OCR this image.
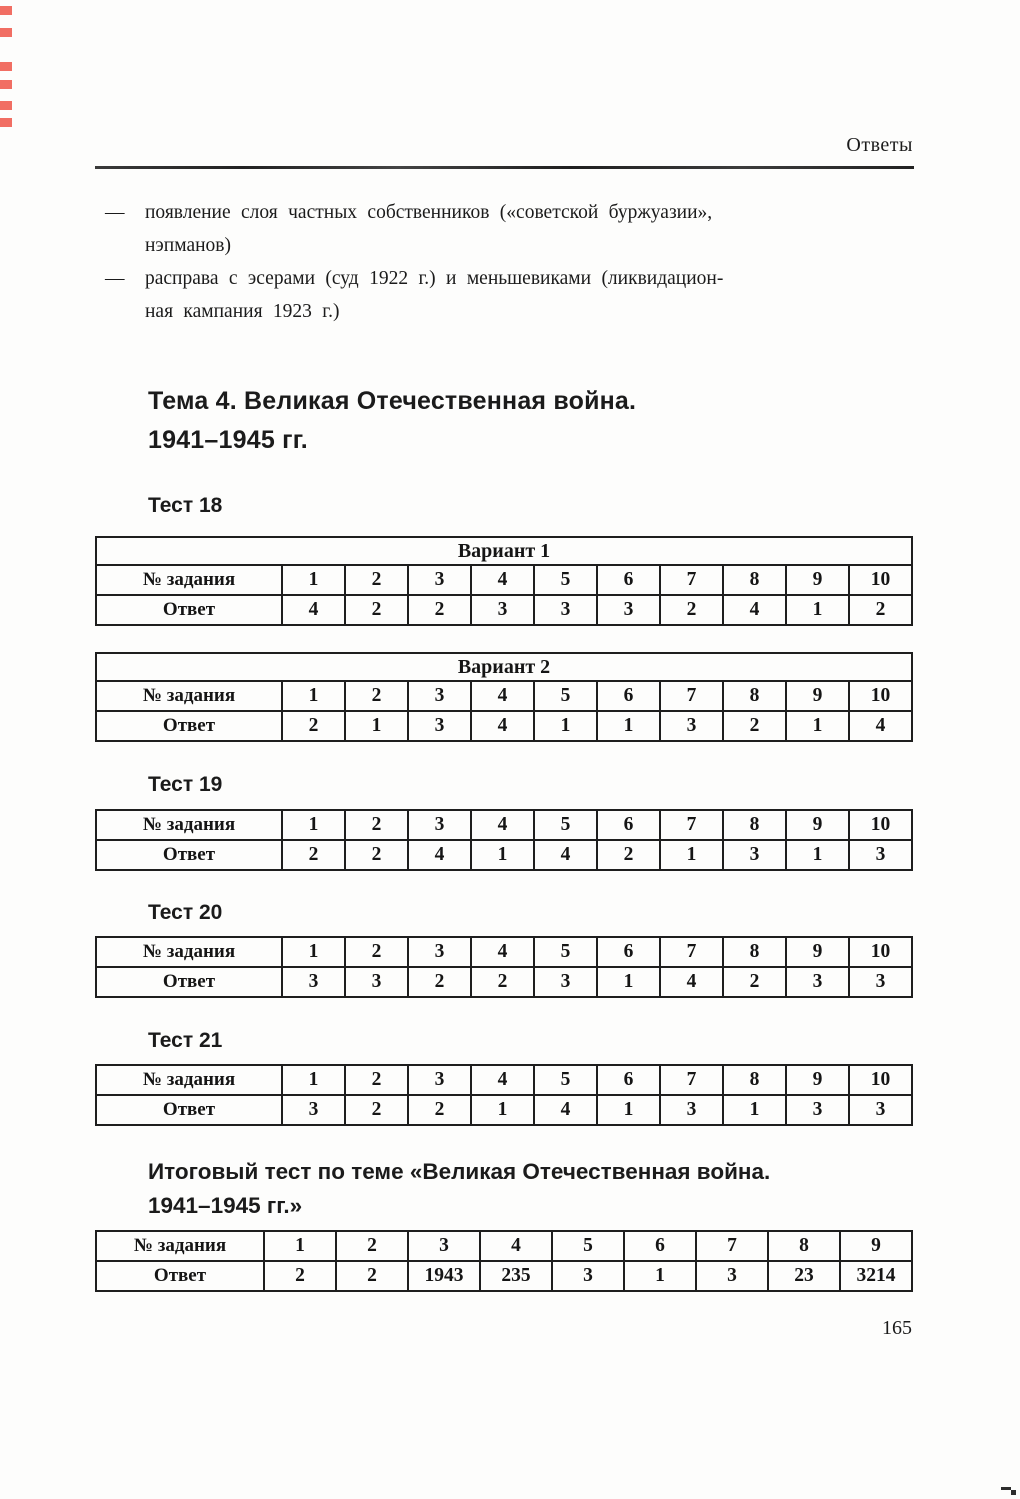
Ответы
—	появление слоя частных собственников («советской буржуазии»,
нэпманов)
—	расправа с эсерами (суд 1922 г.) и меньшевиками (ликвидацион-
ная кампания 1923 г.)
Тема 4. Великая Отечественная война.
1941–1945 гг.
Тест 18
Вариант 1										
№ задания	1	2	3	4	5	6	7	8	9	10
Ответ	4	2	2	3	3	3	2	4	1	2
Вариант 2										
№ задания	1	2	3	4	5	6	7	8	9	10
Ответ	2	1	3	4	1	1	3	2	1	4
Тест 19
№ задания	1	2	3	4	5	6	7	8	9	10
Ответ	2	2	4	1	4	2	1	3	1	3
Тест 20
№ задания	1	2	3	4	5	6	7	8	9	10
Ответ	3	3	2	2	3	1	4	2	3	3
Тест 21
№ задания	1	2	3	4	5	6	7	8	9	10
Ответ	3	2	2	1	4	1	3	1	3	3
Итоговый тест по теме «Великая Отечественная война.
1941–1945 гг.»
№ задания	1	2	3	4	5	6	7	8	9
Ответ	2	2	1943	235	3	1	3	23	3214
165
